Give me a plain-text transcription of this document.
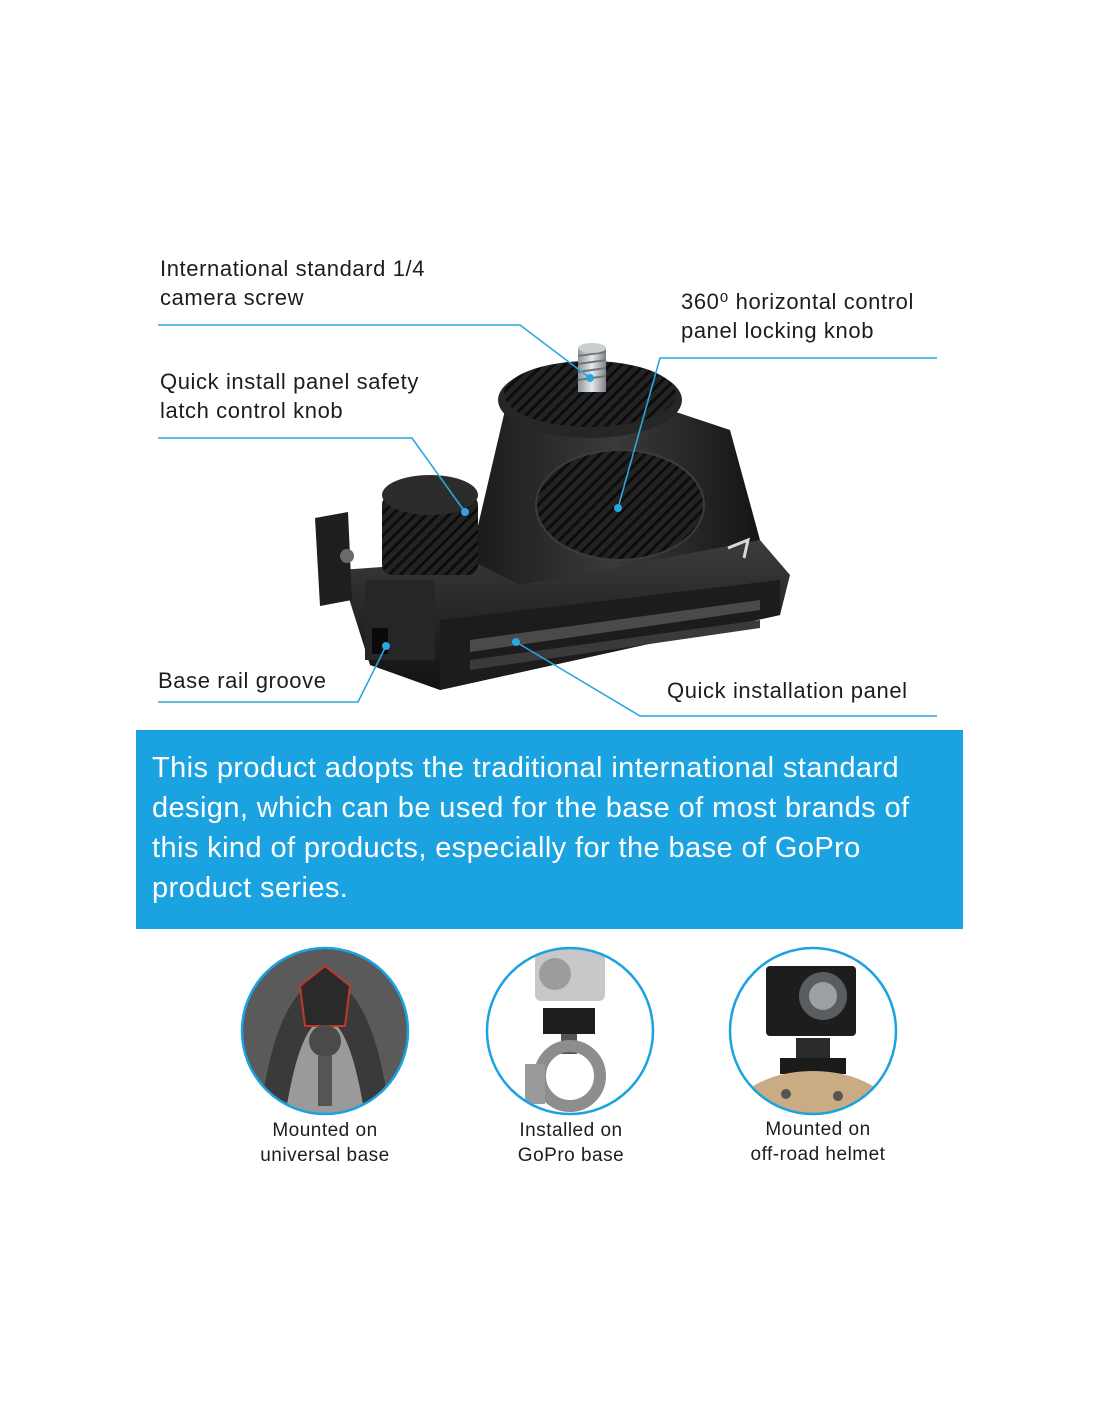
International standard 1/4
camera screw	360⁰ horizontal control
panel locking knob
Quick install panel safety
latch control knob
Base rail groove	Quick installation panel

This product adopts the traditional international standard
design, which can be used for the base of most brands of
this kind of products, especially for the base of GoPro
product series.

Mounted on
universal base
Installed on
GoPro base
Mounted on
off-road helmet
